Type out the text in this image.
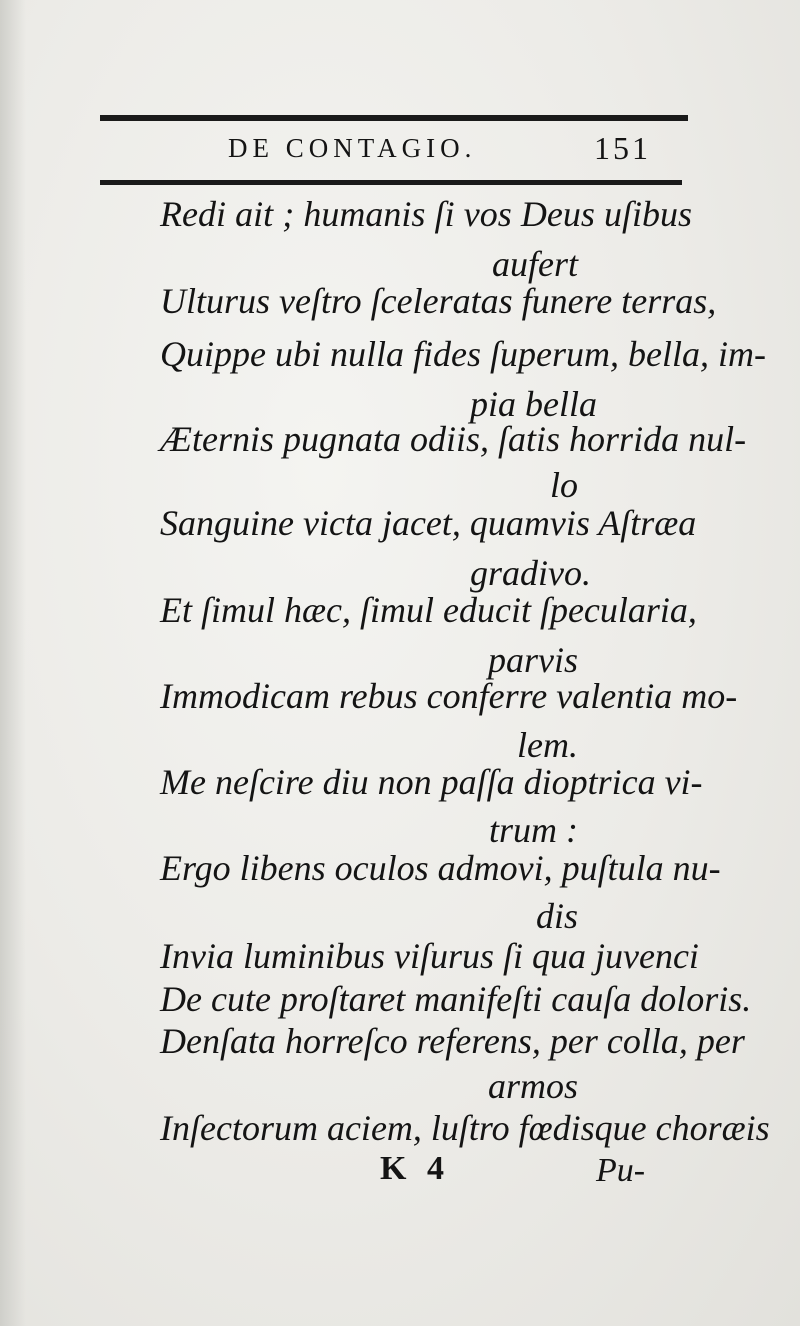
DE CONTAGIO.	151
Redi ait ; humanis ſi vos Deus uſibus
aufert
Ulturus veſtro ſceleratas funere terras,
Quippe ubi nulla fides ſuperum, bella, im-
pia bella
Æternis pugnata odiis, ſatis horrida nul-
lo
Sanguine victa jacet, quamvis Aſtræa
gradivo.
Et ſimul hæc, ſimul educit ſpecularia,
parvis
Immodicam rebus conferre valentia mo-
lem.
Me neſcire diu non paſſa dioptrica vi-
trum :
Ergo libens oculos admovi, puſtula nu-
dis
Invia luminibus viſurus ſi qua juvenci
De cute proſtaret manifeſti cauſa doloris.
Denſata horreſco referens, per colla, per
armos
Inſectorum aciem, luſtro fœdisque choræis
K 4	Pu-
